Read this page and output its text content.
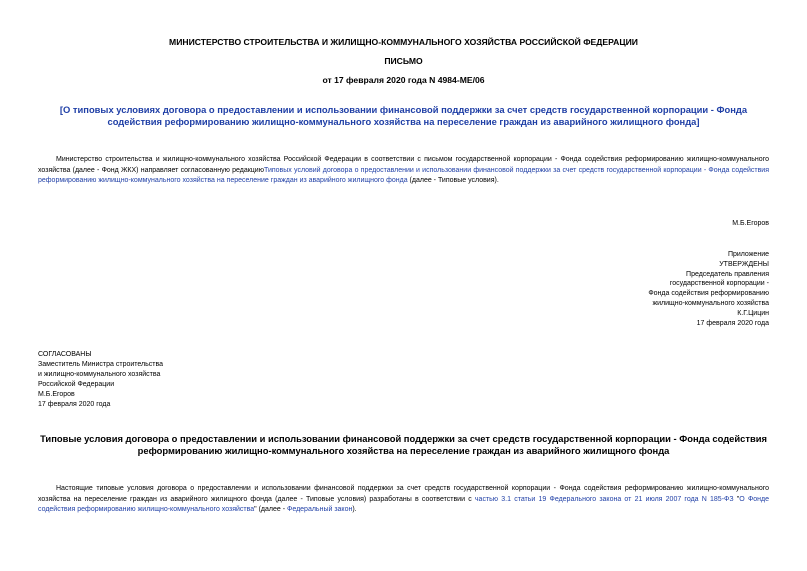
МИНИСТЕРСТВО СТРОИТЕЛЬСТВА И ЖИЛИЩНО-КОММУНАЛЬНОГО ХОЗЯЙСТВА РОССИЙСКОЙ ФЕДЕРАЦИИ
ПИСЬМО
от 17 февраля 2020 года N 4984-МЕ/06
[О типовых условиях договора о предоставлении и использовании финансовой поддержки за счет средств государственной корпорации - Фонда содействия реформированию жилищно-коммунального хозяйства на переселение граждан из аварийного жилищного фонда]
Министерство строительства и жилищно-коммунального хозяйства Российской Федерации в соответствии с письмом государственной корпорации - Фонда содействия реформированию жилищно-коммунального хозяйства (далее - Фонд ЖКХ) направляет согласованную редакциюТиповых условий договора о предоставлении и использовании финансовой поддержки за счет средств государственной корпорации - Фонда содействия реформированию жилищно-коммунального хозяйства на переселение граждан из аварийного жилищного фонда (далее - Типовые условия).
М.Б.Егоров
Приложение
УТВЕРЖДЕНЫ
Председатель правления
государственной корпорации -
Фонда содействия реформированию
жилищно-коммунального хозяйства
К.Г.Цицин
17 февраля 2020 года
СОГЛАСОВАНЫ
Заместитель Министра строительства
и жилищно-коммунального хозяйства
Российской Федерации
М.Б.Егоров
17 февраля 2020 года
Типовые условия договора о предоставлении и использовании финансовой поддержки за счет средств государственной корпорации - Фонда содействия реформированию жилищно-коммунального хозяйства на переселение граждан из аварийного жилищного фонда
Настоящие типовые условия договора о предоставлении и использовании финансовой поддержки за счет средств государственной корпорации - Фонда содействия реформированию жилищно-коммунального хозяйства на переселение граждан из аварийного жилищного фонда (далее - Типовые условия) разработаны в соответствии с частью 3.1 статьи 19 Федерального закона от 21 июля 2007 года N 185-ФЗ "О Фонде содействия реформированию жилищно-коммунального хозяйства" (далее - Федеральный закон).
